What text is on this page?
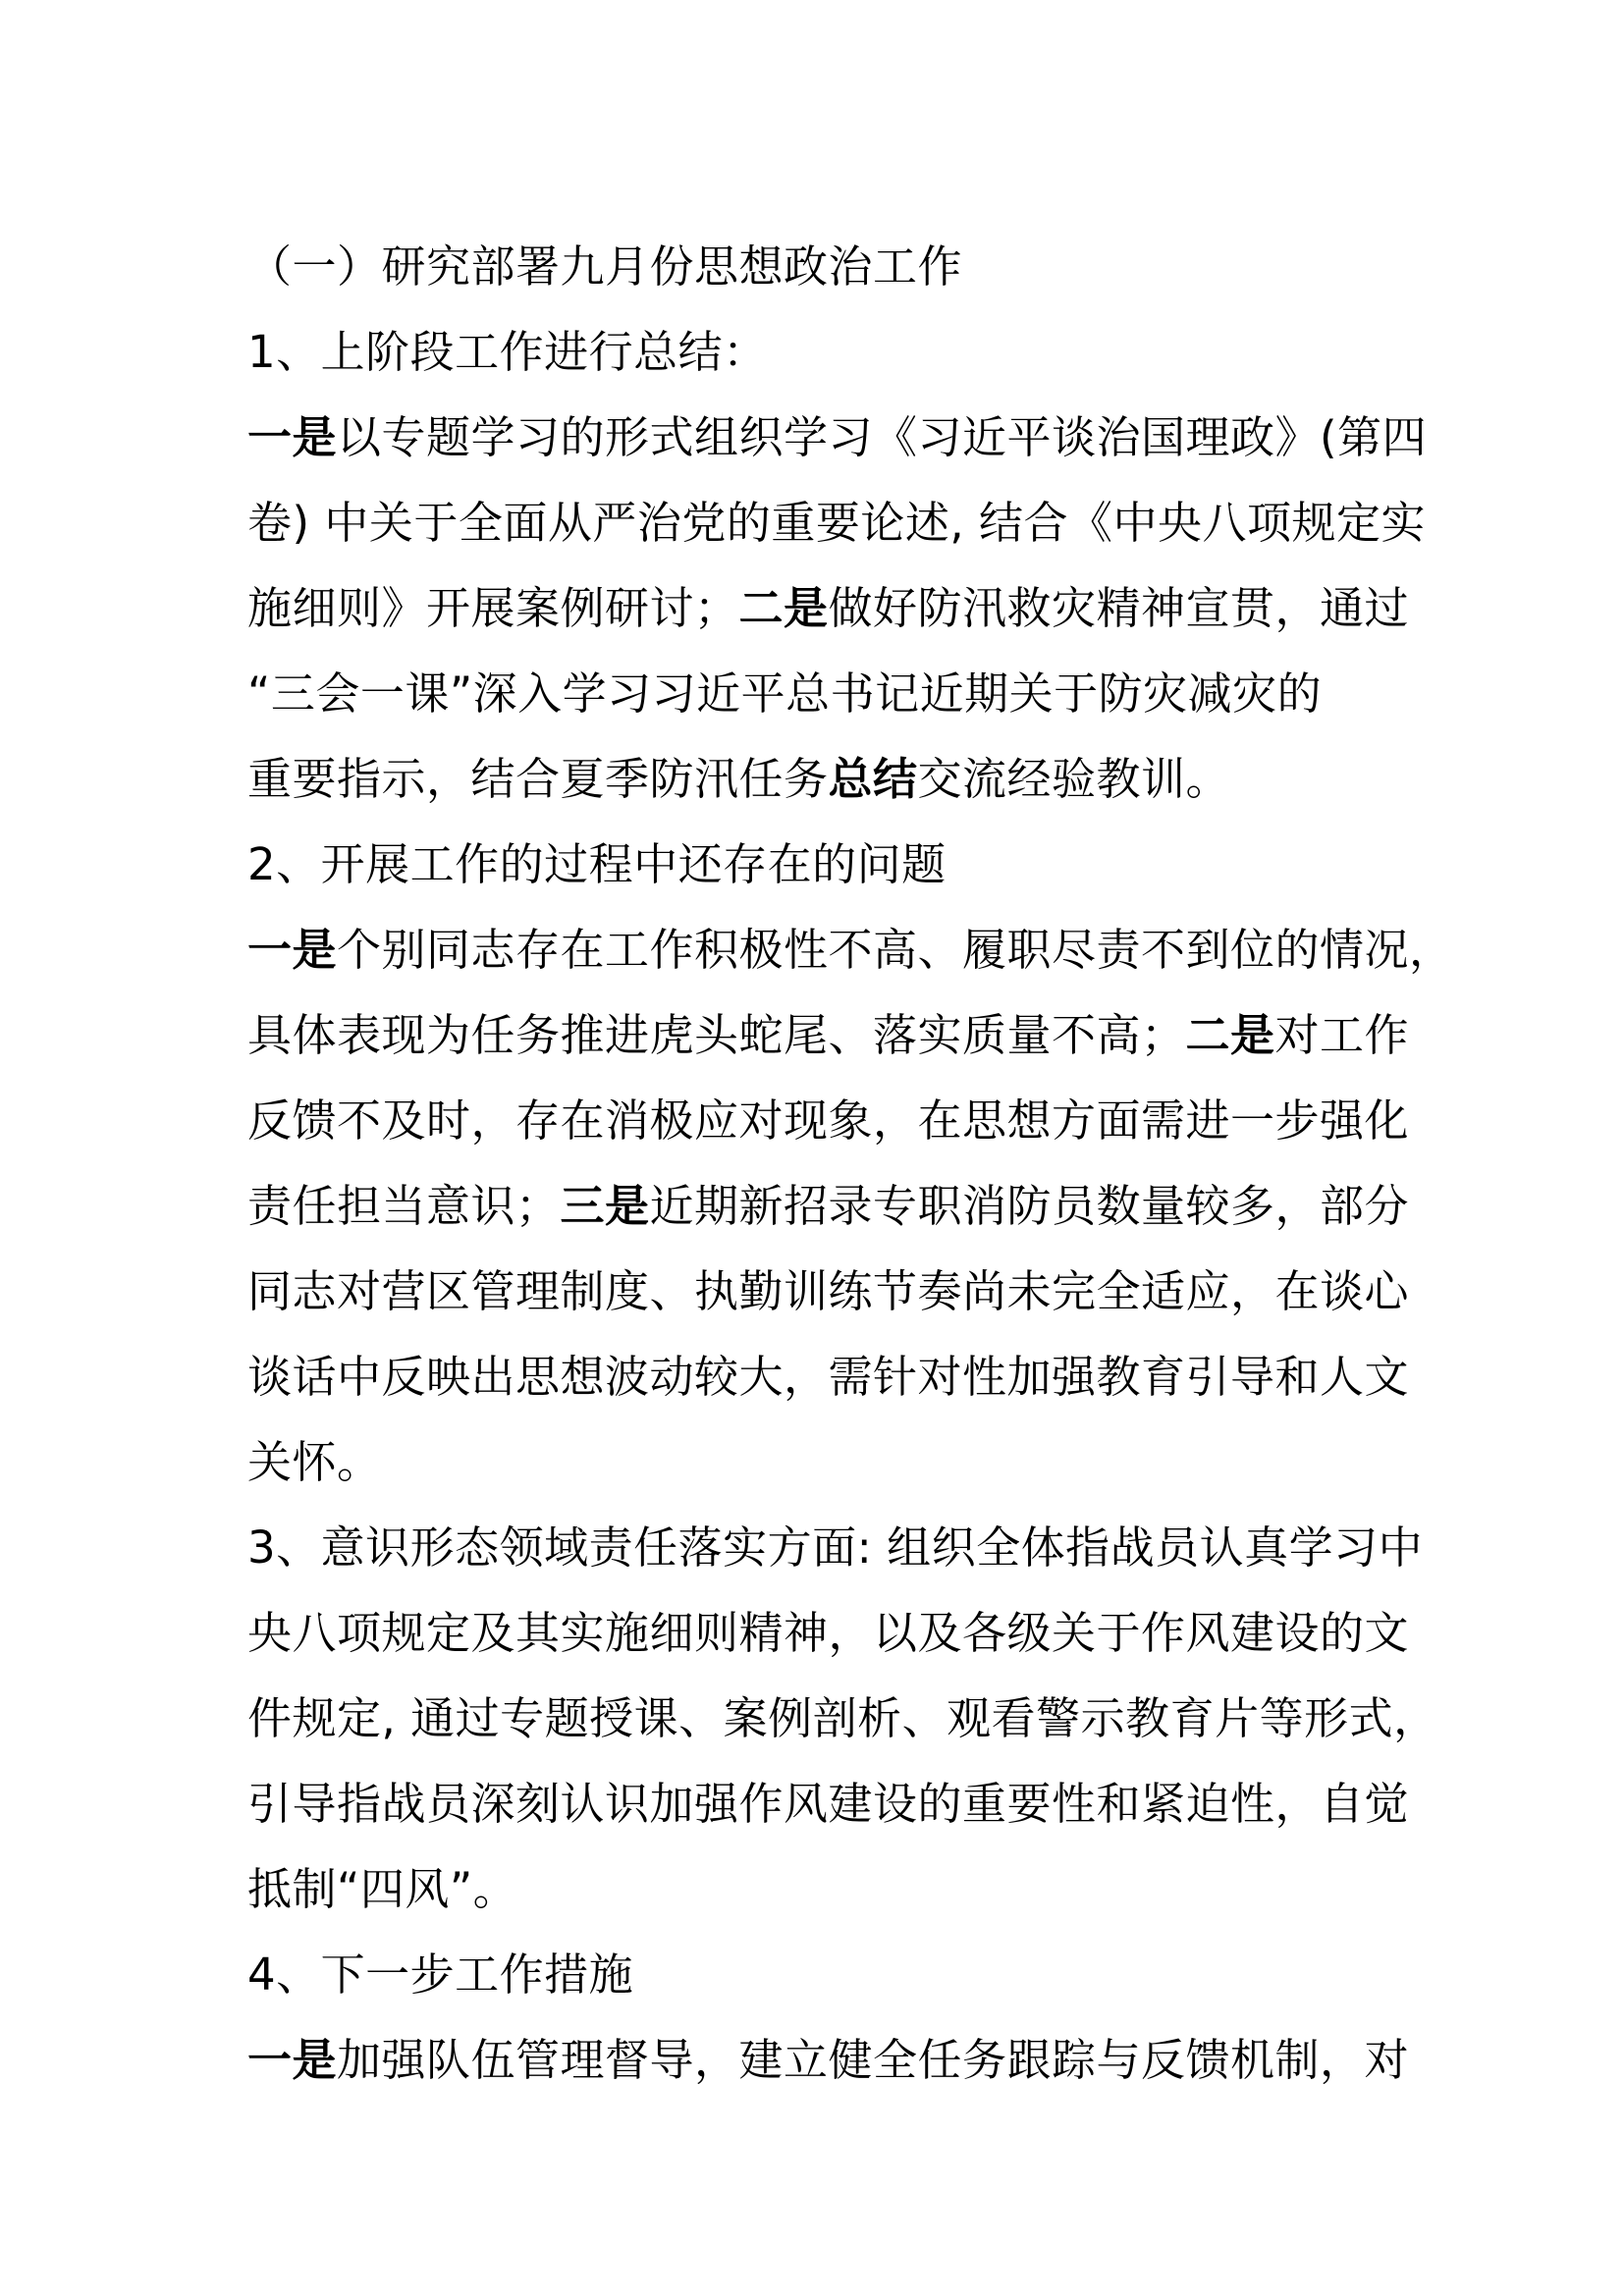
（一）研究部署九月份思想政治工作
1、上阶段工作进行总结：
一是以专题学习的形式组织学习《习近平谈治国理政》(第四
卷) 中关于全面从严治党的重要论述, 结合《中央八项规定实
施细则》开展案例研讨；二是做好防汛救灾精神宣贯，通过
“三会一课”深入学习习近平总书记近期关于防灾减灾的
重要指示，结合夏季防汛任务总结交流经验教训。
2、开展工作的过程中还存在的问题
一是个别同志存在工作积极性不高、履职尽责不到位的情况，
具体表现为任务推进虎头蛇尾、落实质量不高；二是对工作
反馈不及时，存在消极应对现象，在思想方面需进一步强化
责任担当意识；三是近期新招录专职消防员数量较多，部分
同志对营区管理制度、执勤训练节奏尚未完全适应，在谈心
谈话中反映出思想波动较大，需针对性加强教育引导和人文
关怀。
3、意识形态领域责任落实方面: 组织全体指战员认真学习中
央八项规定及其实施细则精神，以及各级关于作风建设的文
件规定, 通过专题授课、案例剖析、观看警示教育片等形式，
引导指战员深刻认识加强作风建设的重要性和紧迫性，自觉
抵制“四风”。
4、下一步工作措施
一是加强队伍管理督导，建立健全任务跟踪与反馈机制，对
